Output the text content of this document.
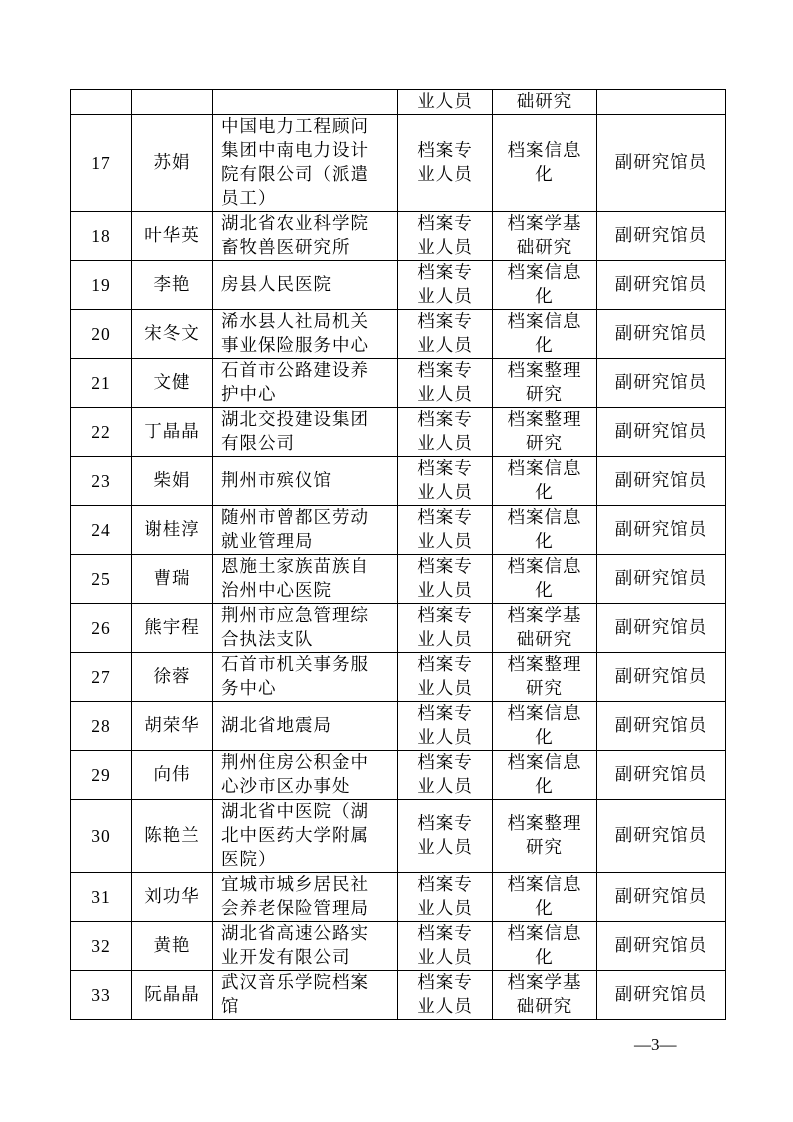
			业人员	础研究	

17	苏娟	中国电力工程顾问
集团中南电力设计
院有限公司（派遣
员工）	档案专
业人员	档案信息
化	副研究馆员
18	叶华英	湖北省农业科学院
畜牧兽医研究所	档案专
业人员	档案学基
础研究	副研究馆员
19	李艳	房县人民医院	档案专
业人员	档案信息
化	副研究馆员
20	宋冬文	浠水县人社局机关
事业保险服务中心	档案专
业人员	档案信息
化	副研究馆员
21	文健	石首市公路建设养
护中心	档案专
业人员	档案整理
研究	副研究馆员
22	丁晶晶	湖北交投建设集团
有限公司	档案专
业人员	档案整理
研究	副研究馆员
23	柴娟	荆州市殡仪馆	档案专
业人员	档案信息
化	副研究馆员
24	谢桂淳	随州市曾都区劳动
就业管理局	档案专
业人员	档案信息
化	副研究馆员
25	曹瑞	恩施土家族苗族自
治州中心医院	档案专
业人员	档案信息
化	副研究馆员
26	熊宇程	荆州市应急管理综
合执法支队	档案专
业人员	档案学基
础研究	副研究馆员
27	徐蓉	石首市机关事务服
务中心	档案专
业人员	档案整理
研究	副研究馆员
28	胡荣华	湖北省地震局	档案专
业人员	档案信息
化	副研究馆员
29	向伟	荆州住房公积金中
心沙市区办事处	档案专
业人员	档案信息
化	副研究馆员
30	陈艳兰	湖北省中医院（湖
北中医药大学附属
医院）	档案专
业人员	档案整理
研究	副研究馆员
31	刘功华	宜城市城乡居民社
会养老保险管理局	档案专
业人员	档案信息
化	副研究馆员
32	黄艳	湖北省高速公路实
业开发有限公司	档案专
业人员	档案信息
化	副研究馆员
33	阮晶晶	武汉音乐学院档案
馆	档案专
业人员	档案学基
础研究	副研究馆员
—3—
